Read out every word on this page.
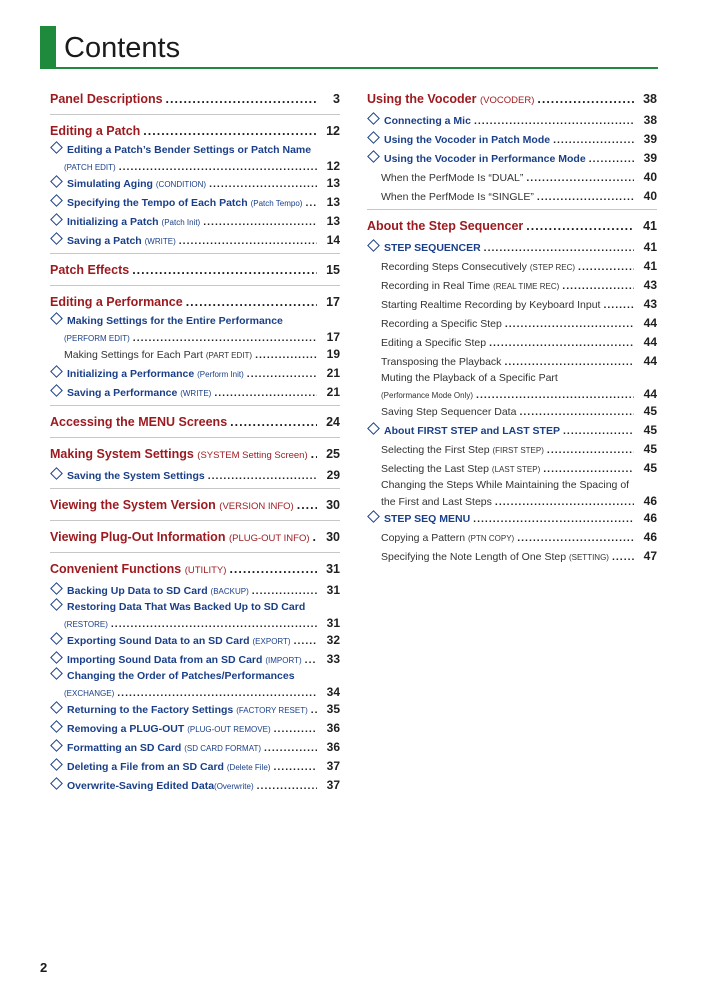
Contents
Panel Descriptions .....	3
Editing a Patch .....	12
Editing a Patch’s Bender Settings or Patch Name
(PATCH EDIT) .....	12
Simulating Aging
(CONDITION) .....	13
Specifying the Tempo of Each Patch
(Patch Tempo) .....	13
Initializing a Patch
(Patch Init) .....	13
Saving a Patch
(WRITE) .....	14
Patch Effects .....	15
Editing a Performance .....	17
Making Settings for the Entire Performance
(PERFORM EDIT) .....	17
Making Settings for Each Part
(PART EDIT) .....	19
Initializing a Performance
(Perform Init) .....	21
Saving a Performance
(WRITE) .....	21
Accessing the MENU Screens .....	24
Making System Settings
(SYSTEM Setting Screen) .....	25
Saving the System Settings .....	29
Viewing the System Version
(VERSION INFO) .....	30
Viewing Plug-Out Information
(PLUG-OUT INFO) .....	30
Convenient Functions
(UTILITY) .....	31
Backing Up Data to SD Card
(BACKUP) .....	31
Restoring Data That Was Backed Up to SD Card
(RESTORE) .....	31
Exporting Sound Data to an SD Card
(EXPORT) .....	32
Importing Sound Data from an SD Card
(IMPORT) .....	33
Changing the Order of Patches/Performances
(EXCHANGE) .....	34
Returning to the Factory Settings
(FACTORY RESET) .....	35
Removing a PLUG-OUT
(PLUG-OUT REMOVE) .....	36
Formatting an SD Card
(SD CARD FORMAT) .....	36
Deleting a File from an SD Card
(Delete File) .....	37
Overwrite-Saving Edited Data (Overwrite) .....	37
Using the Vocoder
(VOCODER) .....	38
Connecting a Mic .....	38
Using the Vocoder in Patch Mode .....	39
Using the Vocoder in Performance Mode .....	39
When the PerfMode Is “DUAL” .....	40
When the PerfMode Is “SINGLE” .....	40
About the Step Sequencer .....	41
STEP SEQUENCER .....	41
Recording Steps Consecutively
(STEP REC) .....	41
Recording in Real Time
(REAL TIME REC) .....	43
Starting Realtime Recording by Keyboard Input .....	43
Recording a Specific Step .....	44
Editing a Specific Step .....	44
Transposing the Playback .....	44
Muting the Playback of a Specific Part
(Performance Mode Only) .....	44
Saving Step Sequencer Data .....	45
About FIRST STEP and LAST STEP .....	45
Selecting the First Step
(FIRST STEP) .....	45
Selecting the Last Step
(LAST STEP) .....	45
Changing the Steps While Maintaining the Spacing of
the First and Last Steps .....	46
STEP SEQ MENU .....	46
Copying a Pattern
(PTN COPY) .....	46
Specifying the Note Length of One Step
(SETTING) .....	47
2
